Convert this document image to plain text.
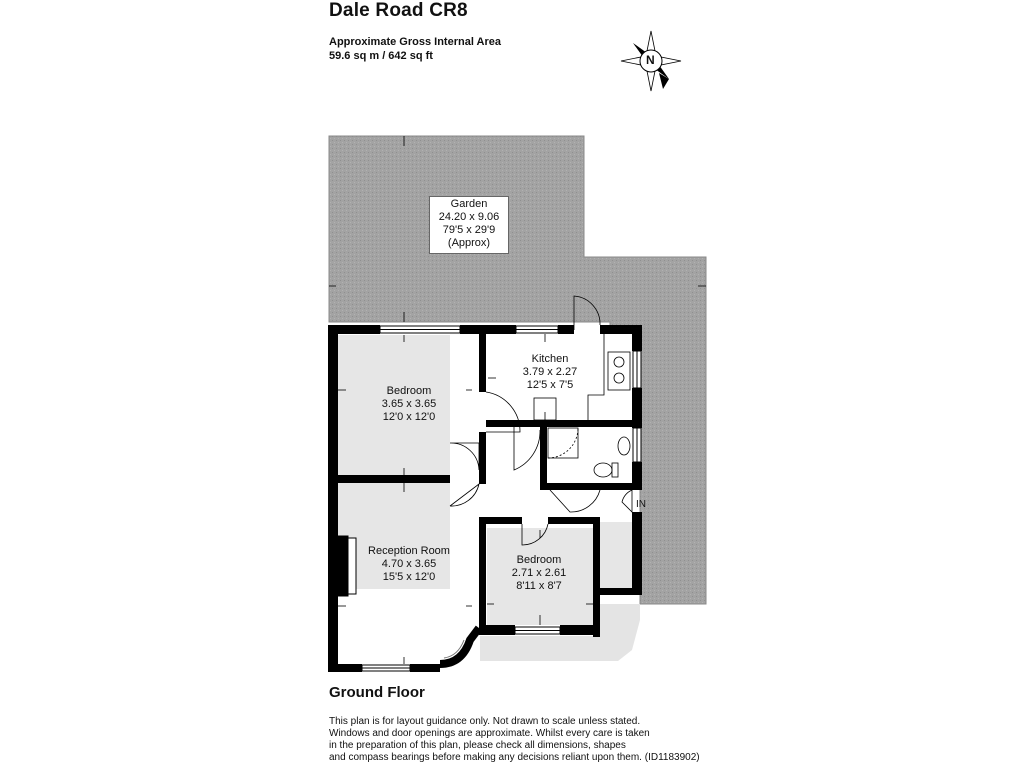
Dale Road CR8
Approximate Gross Internal Area
59.6 sq m / 642 sq ft	N
Garden
24.20 x 9.06
79'5 x 29'9
(Approx)
Bedroom
3.65 x 3.65
12'0 x 12'0
Kitchen
3.79 x 2.27
12'5 x 7'5
Reception Room
4.70 x 3.65
15'5 x 12'0
Bedroom
2.71 x 2.61
8'11 x 8'7
IN
Ground Floor
This plan is for layout guidance only. Not drawn to scale unless stated.
Windows and door openings are approximate. Whilst every care is taken
in the preparation of this plan, please check all dimensions, shapes
and compass bearings before making any decisions reliant upon them. (ID1183902)
